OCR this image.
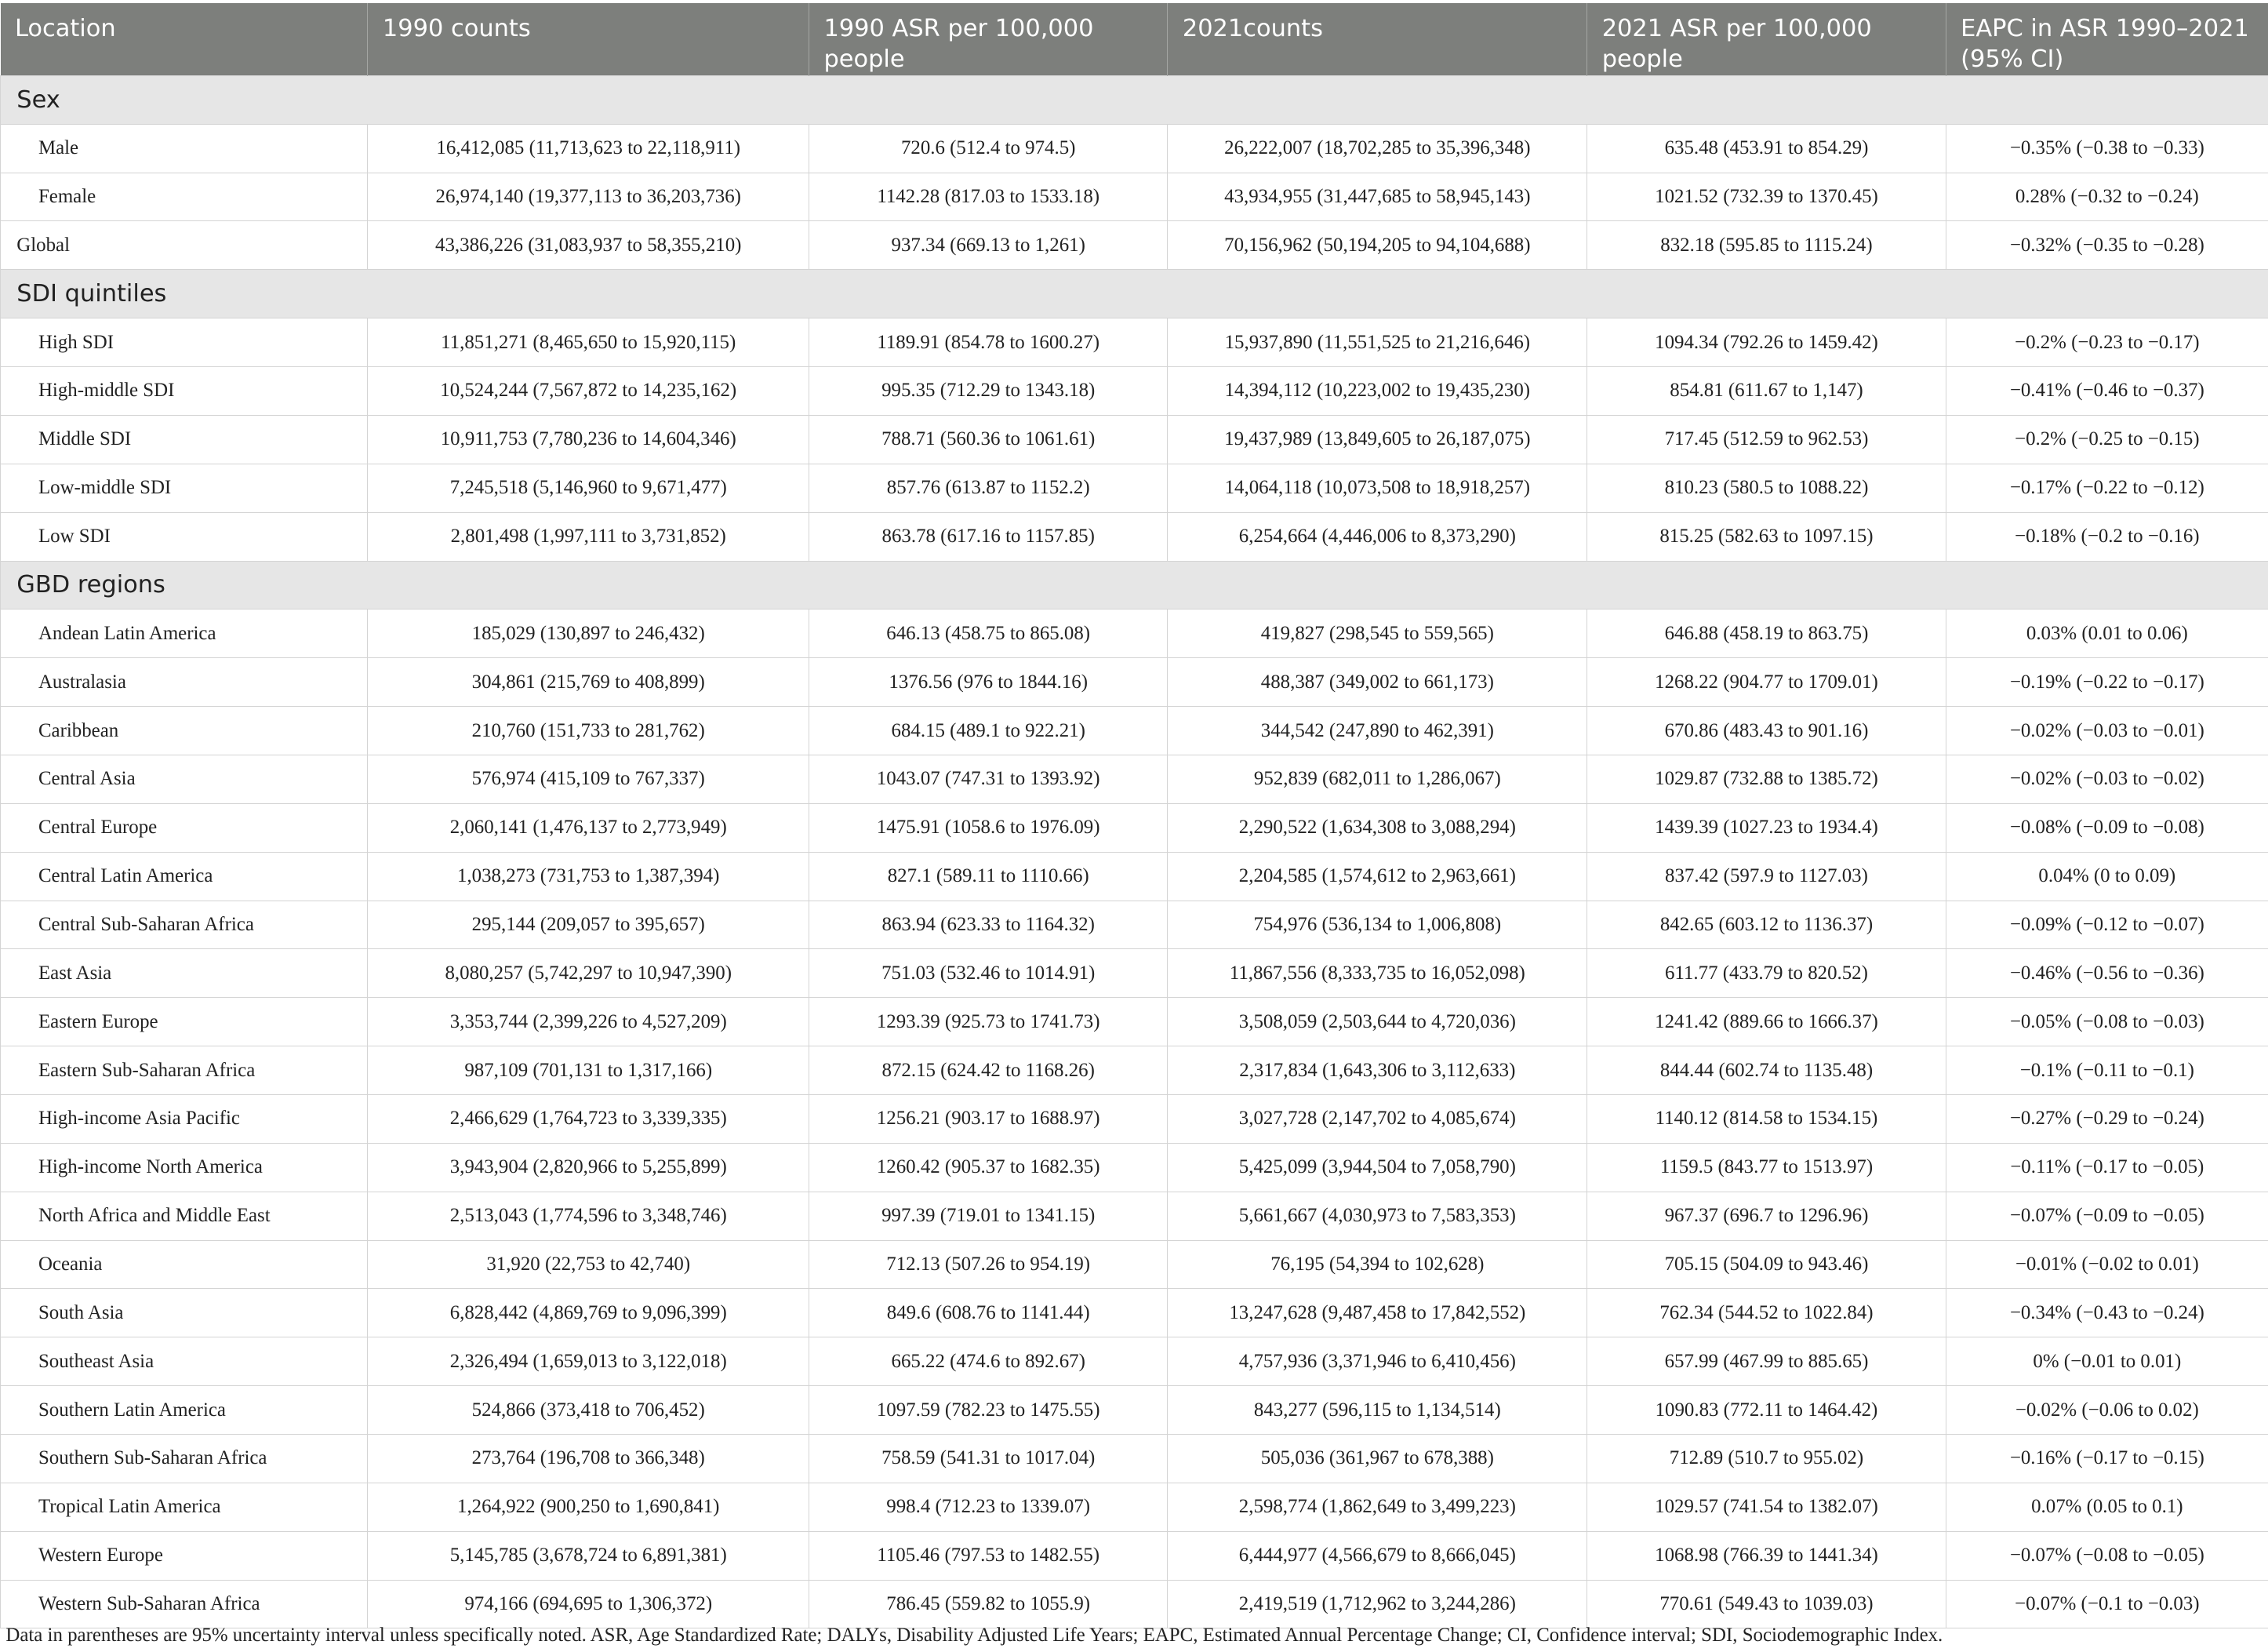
Location	1990 counts	1990 ASR per 100,000 people	2021counts	2021 ASR per 100,000 people	EAPC in ASR 1990–2021 (95% CI)
Sex					
Male	16,412,085 (11,713,623 to 22,118,911)	720.6 (512.4 to 974.5)	26,222,007 (18,702,285 to 35,396,348)	635.48 (453.91 to 854.29)	−0.35% (−0.38 to −0.33)
Female	26,974,140 (19,377,113 to 36,203,736)	1142.28 (817.03 to 1533.18)	43,934,955 (31,447,685 to 58,945,143)	1021.52 (732.39 to 1370.45)	0.28% (−0.32 to −0.24)
Global	43,386,226 (31,083,937 to 58,355,210)	937.34 (669.13 to 1,261)	70,156,962 (50,194,205 to 94,104,688)	832.18 (595.85 to 1115.24)	−0.32% (−0.35 to −0.28)
SDI quintiles					
High SDI	11,851,271 (8,465,650 to 15,920,115)	1189.91 (854.78 to 1600.27)	15,937,890 (11,551,525 to 21,216,646)	1094.34 (792.26 to 1459.42)	−0.2% (−0.23 to −0.17)
High-middle SDI	10,524,244 (7,567,872 to 14,235,162)	995.35 (712.29 to 1343.18)	14,394,112 (10,223,002 to 19,435,230)	854.81 (611.67 to 1,147)	−0.41% (−0.46 to −0.37)
Middle SDI	10,911,753 (7,780,236 to 14,604,346)	788.71 (560.36 to 1061.61)	19,437,989 (13,849,605 to 26,187,075)	717.45 (512.59 to 962.53)	−0.2% (−0.25 to −0.15)
Low-middle SDI	7,245,518 (5,146,960 to 9,671,477)	857.76 (613.87 to 1152.2)	14,064,118 (10,073,508 to 18,918,257)	810.23 (580.5 to 1088.22)	−0.17% (−0.22 to −0.12)
Low SDI	2,801,498 (1,997,111 to 3,731,852)	863.78 (617.16 to 1157.85)	6,254,664 (4,446,006 to 8,373,290)	815.25 (582.63 to 1097.15)	−0.18% (−0.2 to −0.16)
GBD regions					
Andean Latin America	185,029 (130,897 to 246,432)	646.13 (458.75 to 865.08)	419,827 (298,545 to 559,565)	646.88 (458.19 to 863.75)	0.03% (0.01 to 0.06)
Australasia	304,861 (215,769 to 408,899)	1376.56 (976 to 1844.16)	488,387 (349,002 to 661,173)	1268.22 (904.77 to 1709.01)	−0.19% (−0.22 to −0.17)
Caribbean	210,760 (151,733 to 281,762)	684.15 (489.1 to 922.21)	344,542 (247,890 to 462,391)	670.86 (483.43 to 901.16)	−0.02% (−0.03 to −0.01)
Central Asia	576,974 (415,109 to 767,337)	1043.07 (747.31 to 1393.92)	952,839 (682,011 to 1,286,067)	1029.87 (732.88 to 1385.72)	−0.02% (−0.03 to −0.02)
Central Europe	2,060,141 (1,476,137 to 2,773,949)	1475.91 (1058.6 to 1976.09)	2,290,522 (1,634,308 to 3,088,294)	1439.39 (1027.23 to 1934.4)	−0.08% (−0.09 to −0.08)
Central Latin America	1,038,273 (731,753 to 1,387,394)	827.1 (589.11 to 1110.66)	2,204,585 (1,574,612 to 2,963,661)	837.42 (597.9 to 1127.03)	0.04% (0 to 0.09)
Central Sub-Saharan Africa	295,144 (209,057 to 395,657)	863.94 (623.33 to 1164.32)	754,976 (536,134 to 1,006,808)	842.65 (603.12 to 1136.37)	−0.09% (−0.12 to −0.07)
East Asia	8,080,257 (5,742,297 to 10,947,390)	751.03 (532.46 to 1014.91)	11,867,556 (8,333,735 to 16,052,098)	611.77 (433.79 to 820.52)	−0.46% (−0.56 to −0.36)
Eastern Europe	3,353,744 (2,399,226 to 4,527,209)	1293.39 (925.73 to 1741.73)	3,508,059 (2,503,644 to 4,720,036)	1241.42 (889.66 to 1666.37)	−0.05% (−0.08 to −0.03)
Eastern Sub-Saharan Africa	987,109 (701,131 to 1,317,166)	872.15 (624.42 to 1168.26)	2,317,834 (1,643,306 to 3,112,633)	844.44 (602.74 to 1135.48)	−0.1% (−0.11 to −0.1)
High-income Asia Pacific	2,466,629 (1,764,723 to 3,339,335)	1256.21 (903.17 to 1688.97)	3,027,728 (2,147,702 to 4,085,674)	1140.12 (814.58 to 1534.15)	−0.27% (−0.29 to −0.24)
High-income North America	3,943,904 (2,820,966 to 5,255,899)	1260.42 (905.37 to 1682.35)	5,425,099 (3,944,504 to 7,058,790)	1159.5 (843.77 to 1513.97)	−0.11% (−0.17 to −0.05)
North Africa and Middle East	2,513,043 (1,774,596 to 3,348,746)	997.39 (719.01 to 1341.15)	5,661,667 (4,030,973 to 7,583,353)	967.37 (696.7 to 1296.96)	−0.07% (−0.09 to −0.05)
Oceania	31,920 (22,753 to 42,740)	712.13 (507.26 to 954.19)	76,195 (54,394 to 102,628)	705.15 (504.09 to 943.46)	−0.01% (−0.02 to 0.01)
South Asia	6,828,442 (4,869,769 to 9,096,399)	849.6 (608.76 to 1141.44)	13,247,628 (9,487,458 to 17,842,552)	762.34 (544.52 to 1022.84)	−0.34% (−0.43 to −0.24)
Southeast Asia	2,326,494 (1,659,013 to 3,122,018)	665.22 (474.6 to 892.67)	4,757,936 (3,371,946 to 6,410,456)	657.99 (467.99 to 885.65)	0% (−0.01 to 0.01)
Southern Latin America	524,866 (373,418 to 706,452)	1097.59 (782.23 to 1475.55)	843,277 (596,115 to 1,134,514)	1090.83 (772.11 to 1464.42)	−0.02% (−0.06 to 0.02)
Southern Sub-Saharan Africa	273,764 (196,708 to 366,348)	758.59 (541.31 to 1017.04)	505,036 (361,967 to 678,388)	712.89 (510.7 to 955.02)	−0.16% (−0.17 to −0.15)
Tropical Latin America	1,264,922 (900,250 to 1,690,841)	998.4 (712.23 to 1339.07)	2,598,774 (1,862,649 to 3,499,223)	1029.57 (741.54 to 1382.07)	0.07% (0.05 to 0.1)
Western Europe	5,145,785 (3,678,724 to 6,891,381)	1105.46 (797.53 to 1482.55)	6,444,977 (4,566,679 to 8,666,045)	1068.98 (766.39 to 1441.34)	−0.07% (−0.08 to −0.05)
Western Sub-Saharan Africa	974,166 (694,695 to 1,306,372)	786.45 (559.82 to 1055.9)	2,419,519 (1,712,962 to 3,244,286)	770.61 (549.43 to 1039.03)	−0.07% (−0.1 to −0.03)
Data in parentheses are 95% uncertainty interval unless specifically noted. ASR, Age Standardized Rate; DALYs, Disability Adjusted Life Years; EAPC, Estimated Annual Percentage Change; CI, Confidence interval; SDI, Sociodemographic Index.
